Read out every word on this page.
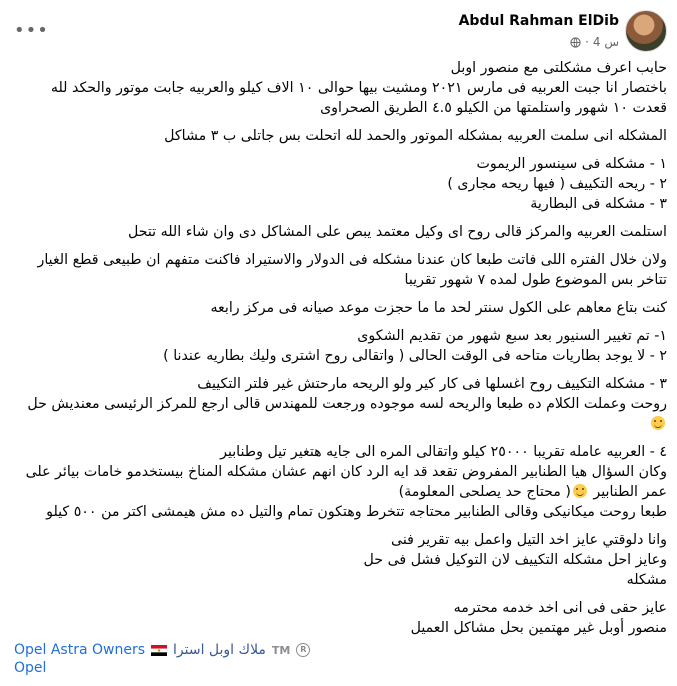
Abdul Rahman ElDib
· 4 س
•••

حابب اعرف مشكلتى مع منصور اوبل
باختصار انا جبت العربيه فى مارس ٢٠٢١ ومشيت بيها حوالى ١٠ الاف كيلو والعربيه جابت موتور والحكد لله
قعدت ١٠ شهور واستلمتها من الكيلو ٤.٥ الطريق الصحراوى

المشكله انى سلمت العربيه بمشكله الموتور والحمد لله اتحلت بس جاتلى ب ٣ مشاكل

١ - مشكله فى سينسور الريموت
٢ - ريحه التكييف ( فيها ريحه مجارى )
٣ - مشكله فى البطارية

استلمت العربيه والمركز قالى روح اى وكيل معتمد يبص على المشاكل دى وان شاء الله تتحل

ولان خلال الفتره اللى فاتت طبعا كان عندنا مشكله فى الدولار والاستيراد فاكنت متفهم ان طبيعى قطع الغيار تتاخر بس الموضوع طول لمده ٧ شهور تقريبا

كنت بتاع معاهم على الكول سنتر لحد ما ما حجزت موعد صيانه فى مركز رابعه

١- تم تغيير السنيور بعد سبع شهور من تقديم الشكوى
٢ - لا يوجد بطاريات متاحه فى الوقت الحالى ( واتقالى روح اشترى وليك بطاريه عندنا )

٣ - مشكله التكييف روح اغسلها فى كار كير ولو الريحه مارحتش غير فلتر التكييف
روحت وعملت الكلام ده طبعا والريحه لسه موجوده ورجعت للمهندس قالى ارجع للمركز الرئيسى معنديش حل

٤ - العربيه عامله تقريبا ٢٥٠٠٠ كيلو واتقالى المره الى جايه هتغير تيل وطنابير
وكان السؤال هيا الطنابير المفروض تقعد قد ايه الرد كان انهم عشان مشكله المناخ بيستخدمو خامات بيائر على عمر الطنابير ( محتاج حد يصلحى المعلومة)
طبعا روحت ميكانيكى وقالى الطنابير محتاجه تتخرط وهتكون تمام والتيل ده مش هيمشى اكتر من ٥٠٠ كيلو

وانا دلوقتي عايز اخد التيل واعمل بيه تقرير فنى
وعايز احل مشكله التكييف لان التوكيل فشل فى حل
مشكله

عايز حقى فى انى اخد خدمه محترمه
منصور أوبل غير مهتمين بحل مشاكل العميل

Opel Astra Owners ملاك اوبل استرا TM	R
Opel
